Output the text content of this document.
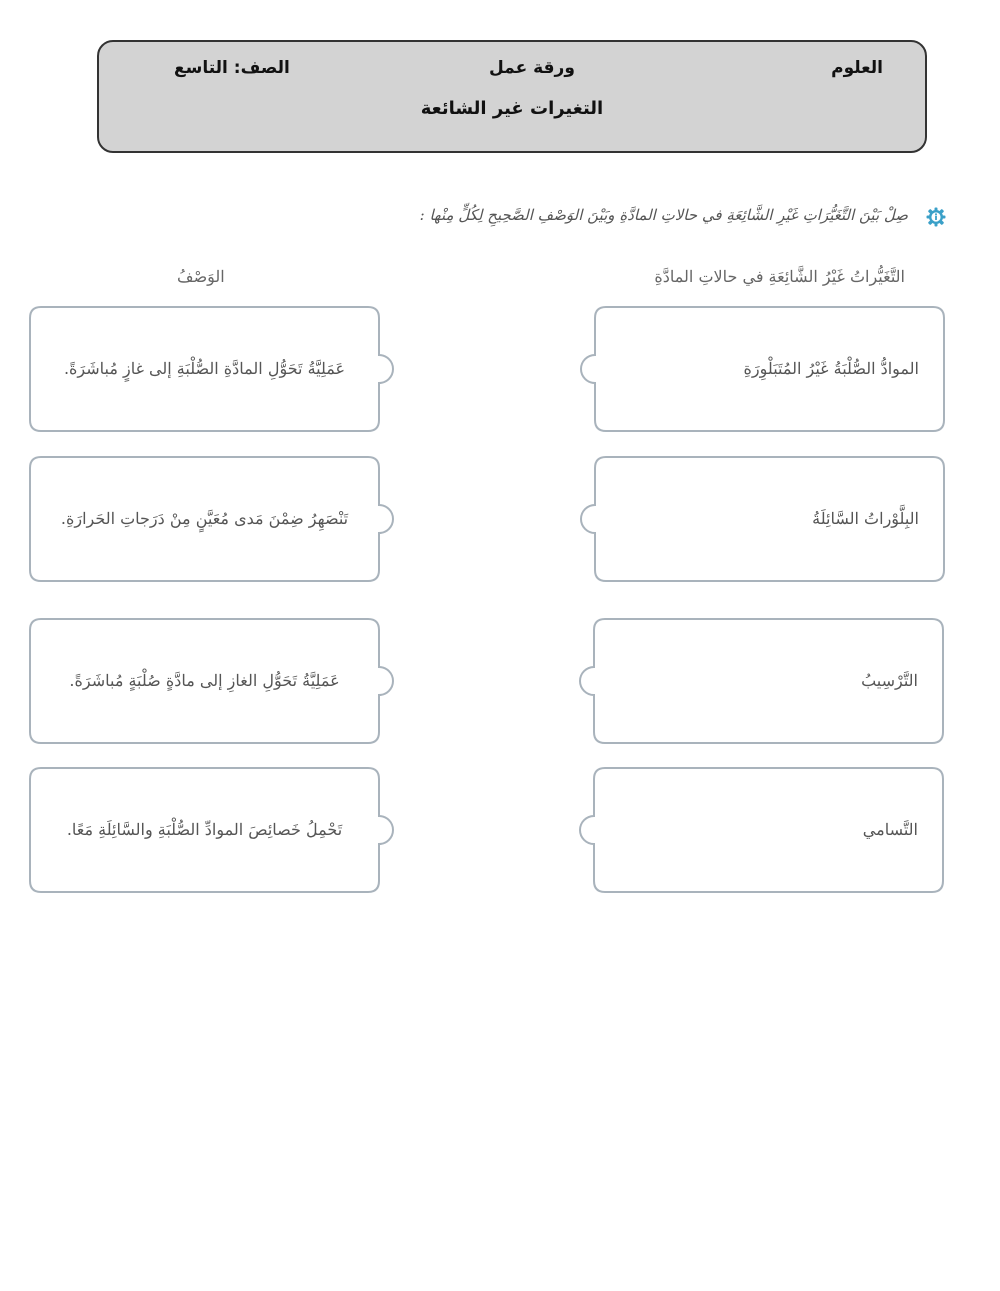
العلوم
ورقة عمل
الصف: التاسع
التغيرات غير الشائعة
صِلْ بَيْنَ التَّغَيُّرَاتِ غَيْرِ الشَّائِعَةِ في حالاتِ المادَّةِ وبَيْنَ الوَصْفِ الصَّحِيحِ لِكُلٍّ مِنْها :
التَّغَيُّراتُ غَيْرُ الشَّائِعَةِ في حالاتِ المادَّةِ
الوَصْفُ
الموادُّ الصُّلْبَةُ غَيْرُ المُتَبَلْوِرَةِ
البِلَّوْراتُ السَّائِلَةُ
التَّرْسِيبُ
التَّسامي
عَمَلِيَّةُ تَحَوُّلِ المادَّةِ الصُّلْبَةِ إلى غازٍ مُباشَرَةً.
تَنْصَهِرُ ضِمْنَ مَدى مُعَيَّنٍ مِنْ دَرَجاتِ الحَرارَةِ.
عَمَلِيَّةُ تَحَوُّلِ الغازِ إلى مادَّةٍ صُلْبَةٍ مُباشَرَةً.
تَحْمِلُ خَصائِصَ الموادِّ الصُّلْبَةِ والسَّائِلَةِ مَعًا.
